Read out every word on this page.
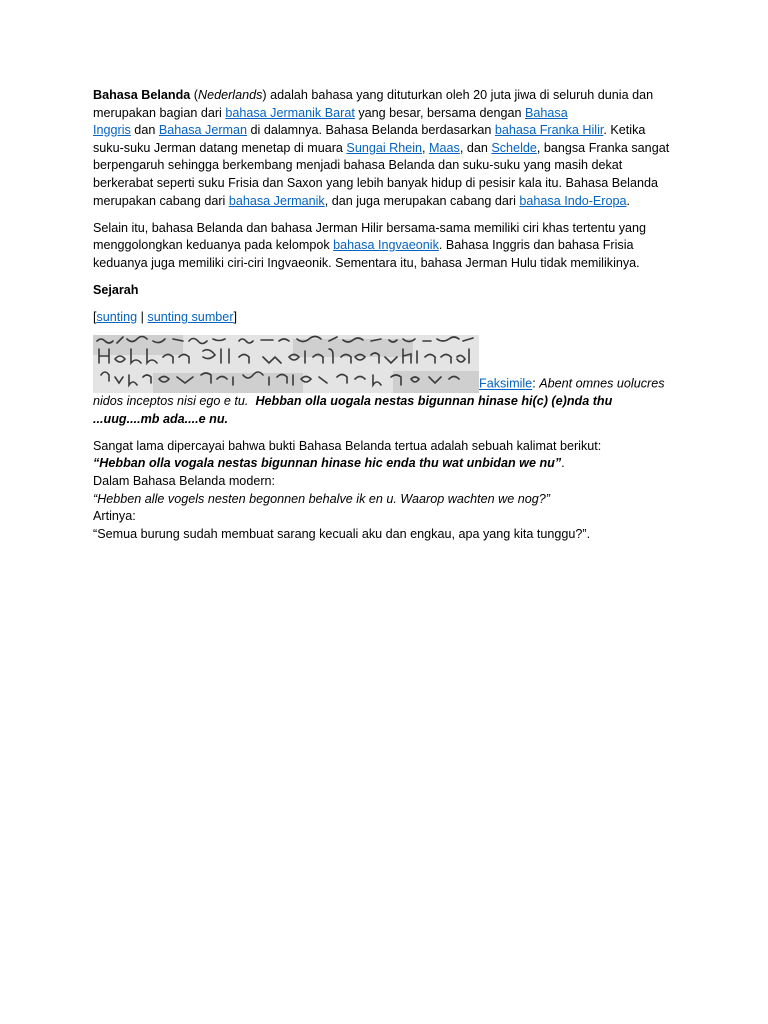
Bahasa Belanda (Nederlands) adalah bahasa yang dituturkan oleh 20 juta jiwa di seluruh dunia dan merupakan bagian dari bahasa Jermanik Barat yang besar, bersama dengan Bahasa
Inggris dan Bahasa Jerman di dalamnya. Bahasa Belanda berdasarkan bahasa Franka Hilir. Ketika suku-suku Jerman datang menetap di muara Sungai Rhein, Maas, dan Schelde, bangsa Franka sangat berpengaruh sehingga berkembang menjadi bahasa Belanda dan suku-suku yang masih dekat berkerabat seperti suku Frisia dan Saxon yang lebih banyak hidup di pesisir kala itu. Bahasa Belanda merupakan cabang dari bahasa Jermanik, dan juga merupakan cabang dari bahasa Indo-Eropa.

Selain itu, bahasa Belanda dan bahasa Jerman Hilir bersama-sama memiliki ciri khas tertentu yang menggolongkan keduanya pada kelompok bahasa Ingvaeonik. Bahasa Inggris dan bahasa Frisia keduanya juga memiliki ciri-ciri Ingvaeonik. Sementara itu, bahasa Jerman Hulu tidak memilikinya.

Sejarah

[sunting | sunting sumber]

Faksimile: Abent omnes uolucres nidos inceptos nisi ego e tu. Hebban olla uogala nestas bigunnan hinase hi(c) (e)nda thu ...uug....mb ada....e nu.

Sangat lama dipercayai bahwa bukti Bahasa Belanda tertua adalah sebuah kalimat berikut:

“Hebban olla vogala nestas bigunnan hinase hic enda thu wat unbidan we nu”.

Dalam Bahasa Belanda modern:

“Hebben alle vogels nesten begonnen behalve ik en u. Waarop wachten we nog?”

Artinya:

“Semua burung sudah membuat sarang kecuali aku dan engkau, apa yang kita tunggu?”.
